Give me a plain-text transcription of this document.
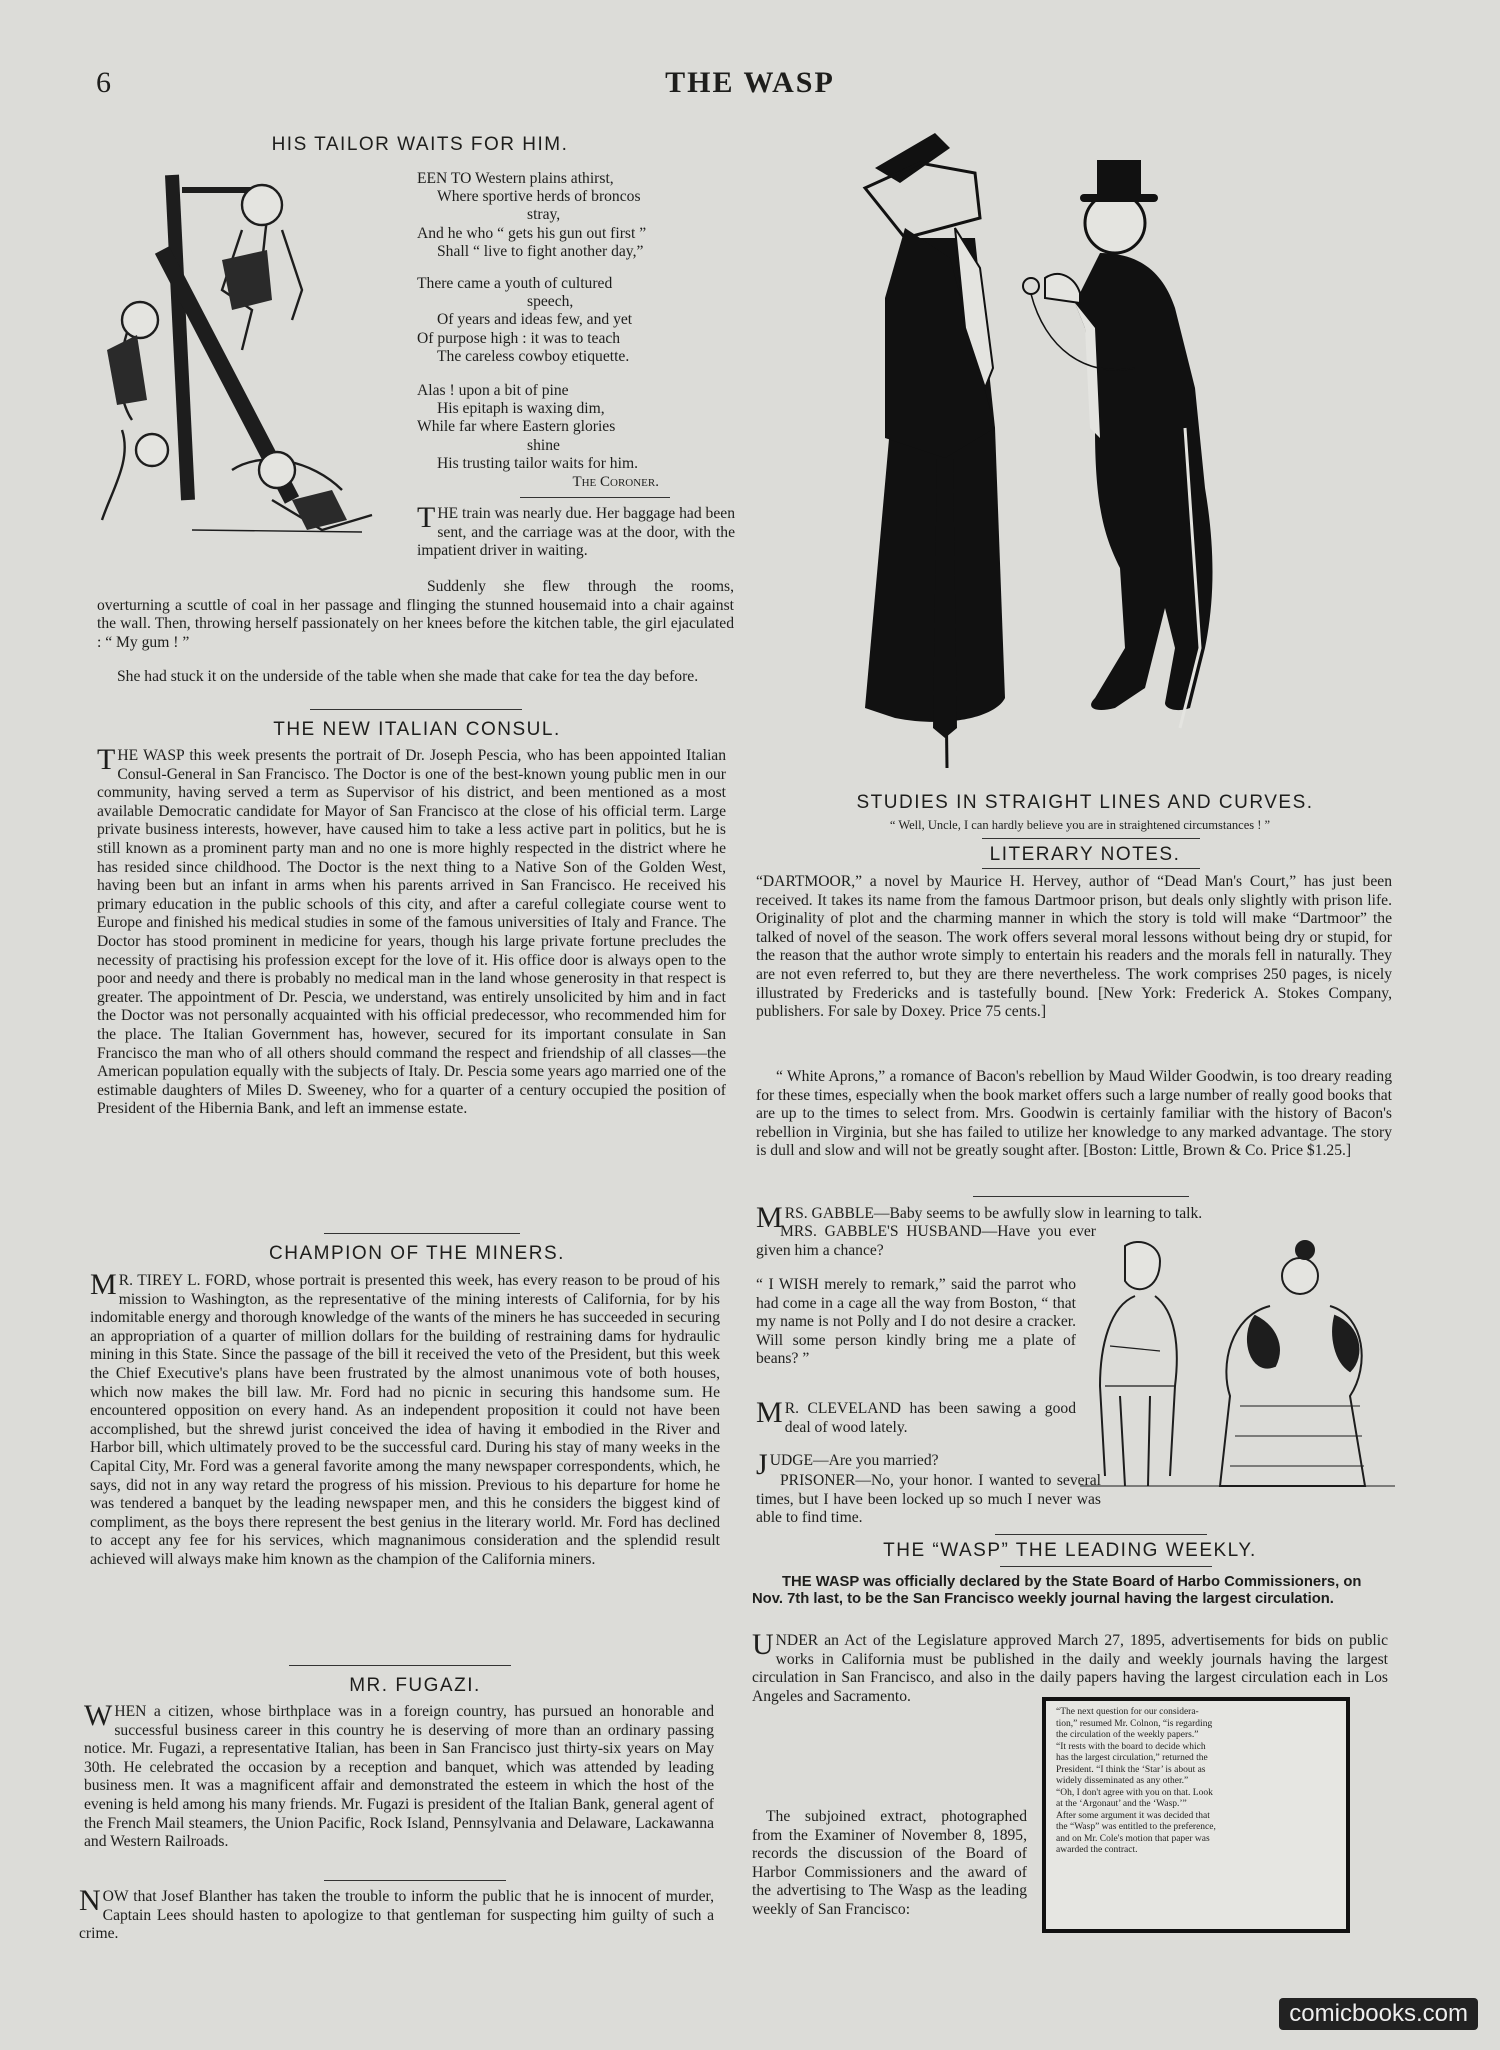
6	THE WASP
HIS TAILOR WAITS FOR HIM.
EEN TO Western plains athirst,
Where sportive herds of broncos
stray,
And he who “ gets his gun out first ”
Shall “ live to fight another day,”
There came a youth of cultured
speech,
Of years and ideas few, and yet
Of purpose high : it was to teach
The careless cowboy etiquette.
Alas ! upon a bit of pine
His epitaph is waxing dim,
While far where Eastern glories
shine
His trusting tailor waits for him.
The Coroner.
THE train was nearly due. Her baggage had been sent, and the carriage was at the door, with the impatient driver in waiting.
Suddenly she flew through the rooms, overturning a scuttle of coal in her passage and flinging the stunned housemaid into a chair against the wall. Then, throwing herself passionately on her knees before the kitchen table, the girl ejaculated : “ My gum ! ”
She had stuck it on the underside of the table when she made that cake for tea the day before.
THE NEW ITALIAN CONSUL.
THE WASP this week presents the portrait of Dr. Joseph Pescia, who has been appointed Italian Consul-General in San Francisco. The Doctor is one of the best-known young public men in our community, having served a term as Supervisor of his district, and been mentioned as a most available Democratic candidate for Mayor of San Francisco at the close of his official term. Large private business interests, however, have caused him to take a less active part in politics, but he is still known as a prominent party man and no one is more highly respected in the district where he has resided since childhood. The Doctor is the next thing to a Native Son of the Golden West, having been but an infant in arms when his parents arrived in San Francisco. He received his primary education in the public schools of this city, and after a careful collegiate course went to Europe and finished his medical studies in some of the famous universities of Italy and France. The Doctor has stood prominent in medicine for years, though his large private fortune precludes the necessity of practising his profession except for the love of it. His office door is always open to the poor and needy and there is probably no medical man in the land whose generosity in that respect is greater. The appointment of Dr. Pescia, we understand, was entirely unsolicited by him and in fact the Doctor was not personally acquainted with his official predecessor, who recommended him for the place. The Italian Government has, however, secured for its important consulate in San Francisco the man who of all others should command the respect and friendship of all classes—the American population equally with the subjects of Italy. Dr. Pescia some years ago married one of the estimable daughters of Miles D. Sweeney, who for a quarter of a century occupied the position of President of the Hibernia Bank, and left an immense estate.
CHAMPION OF THE MINERS.
MR. TIREY L. FORD, whose portrait is presented this week, has every reason to be proud of his mission to Washington, as the representative of the mining interests of California, for by his indomitable energy and thorough knowledge of the wants of the miners he has succeeded in securing an appropriation of a quarter of million dollars for the building of restraining dams for hydraulic mining in this State. Since the passage of the bill it received the veto of the President, but this week the Chief Executive's plans have been frustrated by the almost unanimous vote of both houses, which now makes the bill law. Mr. Ford had no picnic in securing this handsome sum. He encountered opposition on every hand. As an independent proposition it could not have been accomplished, but the shrewd jurist conceived the idea of having it embodied in the River and Harbor bill, which ultimately proved to be the successful card. During his stay of many weeks in the Capital City, Mr. Ford was a general favorite among the many newspaper correspondents, which, he says, did not in any way retard the progress of his mission. Previous to his departure for home he was tendered a banquet by the leading newspaper men, and this he considers the biggest kind of compliment, as the boys there represent the best genius in the literary world. Mr. Ford has declined to accept any fee for his services, which magnanimous consideration and the splendid result achieved will always make him known as the champion of the California miners.
MR. FUGAZI.
WHEN a citizen, whose birthplace was in a foreign country, has pursued an honorable and successful business career in this country he is deserving of more than an ordinary passing notice. Mr. Fugazi, a representative Italian, has been in San Francisco just thirty-six years on May 30th. He celebrated the occasion by a reception and banquet, which was attended by leading business men. It was a magnificent affair and demonstrated the esteem in which the host of the evening is held among his many friends. Mr. Fugazi is president of the Italian Bank, general agent of the French Mail steamers, the Union Pacific, Rock Island, Pennsylvania and Delaware, Lackawanna and Western Railroads.
NOW that Josef Blanther has taken the trouble to inform the public that he is innocent of murder, Captain Lees should hasten to apologize to that gentleman for suspecting him guilty of such a crime.
STUDIES IN STRAIGHT LINES AND CURVES.
“ Well, Uncle, I can hardly believe you are in straightened circumstances ! ”
LITERARY NOTES.
“DARTMOOR,” a novel by Maurice H. Hervey, author of “Dead Man's Court,” has just been received. It takes its name from the famous Dartmoor prison, but deals only slightly with prison life. Originality of plot and the charming manner in which the story is told will make “Dartmoor” the talked of novel of the season. The work offers several moral lessons without being dry or stupid, for the reason that the author wrote simply to entertain his readers and the morals fell in naturally. They are not even referred to, but they are there nevertheless. The work comprises 250 pages, is nicely illustrated by Fredericks and is tastefully bound. [New York: Frederick A. Stokes Company, publishers. For sale by Doxey. Price 75 cents.]
“ White Aprons,” a romance of Bacon's rebellion by Maud Wilder Goodwin, is too dreary reading for these times, especially when the book market offers such a large number of really good books that are up to the times to select from. Mrs. Goodwin is certainly familiar with the history of Bacon's rebellion in Virginia, but she has failed to utilize her knowledge to any marked advantage. The story is dull and slow and will not be greatly sought after. [Boston: Little, Brown & Co. Price $1.25.]
MRS. GABBLE—Baby seems to be awfully slow in learning to talk.
MRS. GABBLE'S HUSBAND—Have you ever given him a chance?
“ I WISH merely to remark,” said the parrot who had come in a cage all the way from Boston, “ that my name is not Polly and I do not desire a cracker. Will some person kindly bring me a plate of beans? ”
MR. CLEVELAND has been sawing a good deal of wood lately.
JUDGE—Are you married?
PRISONER—No, your honor. I wanted to several times, but I have been locked up so much I never was able to find time.
THE “WASP” THE LEADING WEEKLY.
THE WASP was officially declared by the State Board of Harbo Commissioners, on Nov. 7th last, to be the San Francisco weekly journal having the largest circulation.
UNDER an Act of the Legislature approved March 27, 1895, advertisements for bids on public works in California must be published in the daily and weekly journals having the largest circulation in San Francisco, and also in the daily papers having the largest circulation each in Los Angeles and Sacramento.
The subjoined extract, photographed from the Examiner of November 8, 1895, records the discussion of the Board of Harbor Commissioners and the award of the advertising to The Wasp as the leading weekly of San Francisco:
“The next question for our considera-
tion,” resumed Mr. Colnon, “is regarding
the circulation of the weekly papers.”
“It rests with the board to decide which
has the largest circulation,” returned the
President. “I think the ‘Star’ is about as
widely disseminated as any other.”
“Oh, I don't agree with you on that. Look
at the ‘Argonaut’ and the ‘Wasp.’”
After some argument it was decided that
the “Wasp” was entitled to the preference,
and on Mr. Cole's motion that paper was
awarded the contract.
comicbooks.com
